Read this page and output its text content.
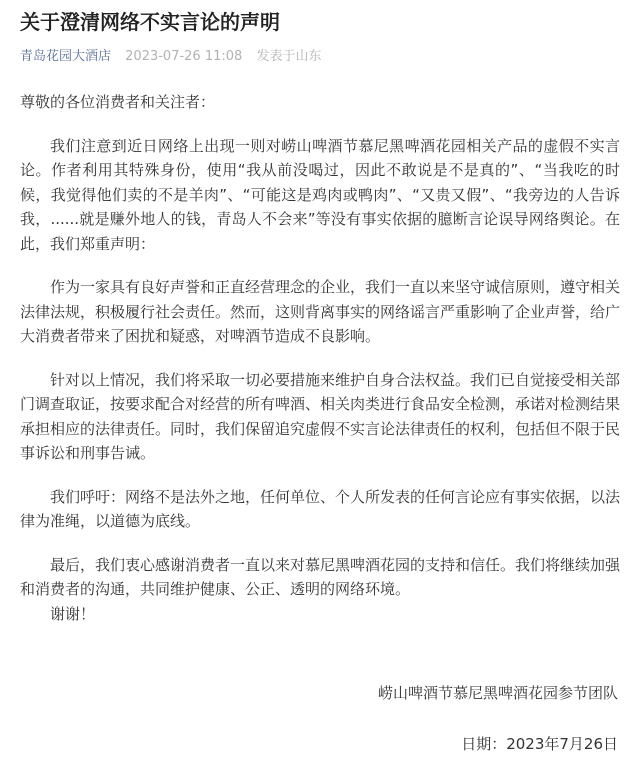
关于澄清网络不实言论的声明
青岛花园大酒店 2023-07-26 11:08 发表于山东

尊敬的各位消费者和关注者：

我们注意到近日网络上出现一则对崂山啤酒节慕尼黑啤酒花园相关产品的虚假不实言论。作者利用其特殊身份，使用“我从前没喝过，因此不敢说是不是真的”、“当我吃的时候，我觉得他们卖的不是羊肉”、“可能这是鸡肉或鸭肉”、“又贵又假”、“我旁边的人告诉我，......就是赚外地人的钱，青岛人不会来”等没有事实依据的臆断言论误导网络舆论。在此，我们郑重声明：

作为一家具有良好声誉和正直经营理念的企业，我们一直以来坚守诚信原则，遵守相关法律法规，积极履行社会责任。然而，这则背离事实的网络谣言严重影响了企业声誉，给广大消费者带来了困扰和疑惑，对啤酒节造成不良影响。

针对以上情况，我们将采取一切必要措施来维护自身合法权益。我们已自觉接受相关部门调查取证，按要求配合对经营的所有啤酒、相关肉类进行食品安全检测，承诺对检测结果承担相应的法律责任。同时，我们保留追究虚假不实言论法律责任的权利，包括但不限于民事诉讼和刑事告诫。

我们呼吁：网络不是法外之地，任何单位、个人所发表的任何言论应有事实依据，以法律为准绳，以道德为底线。

最后，我们衷心感谢消费者一直以来对慕尼黑啤酒花园的支持和信任。我们将继续加强和消费者的沟通，共同维护健康、公正、透明的网络环境。

谢谢！

崂山啤酒节慕尼黑啤酒花园参节团队

日期：2023年7月26日
